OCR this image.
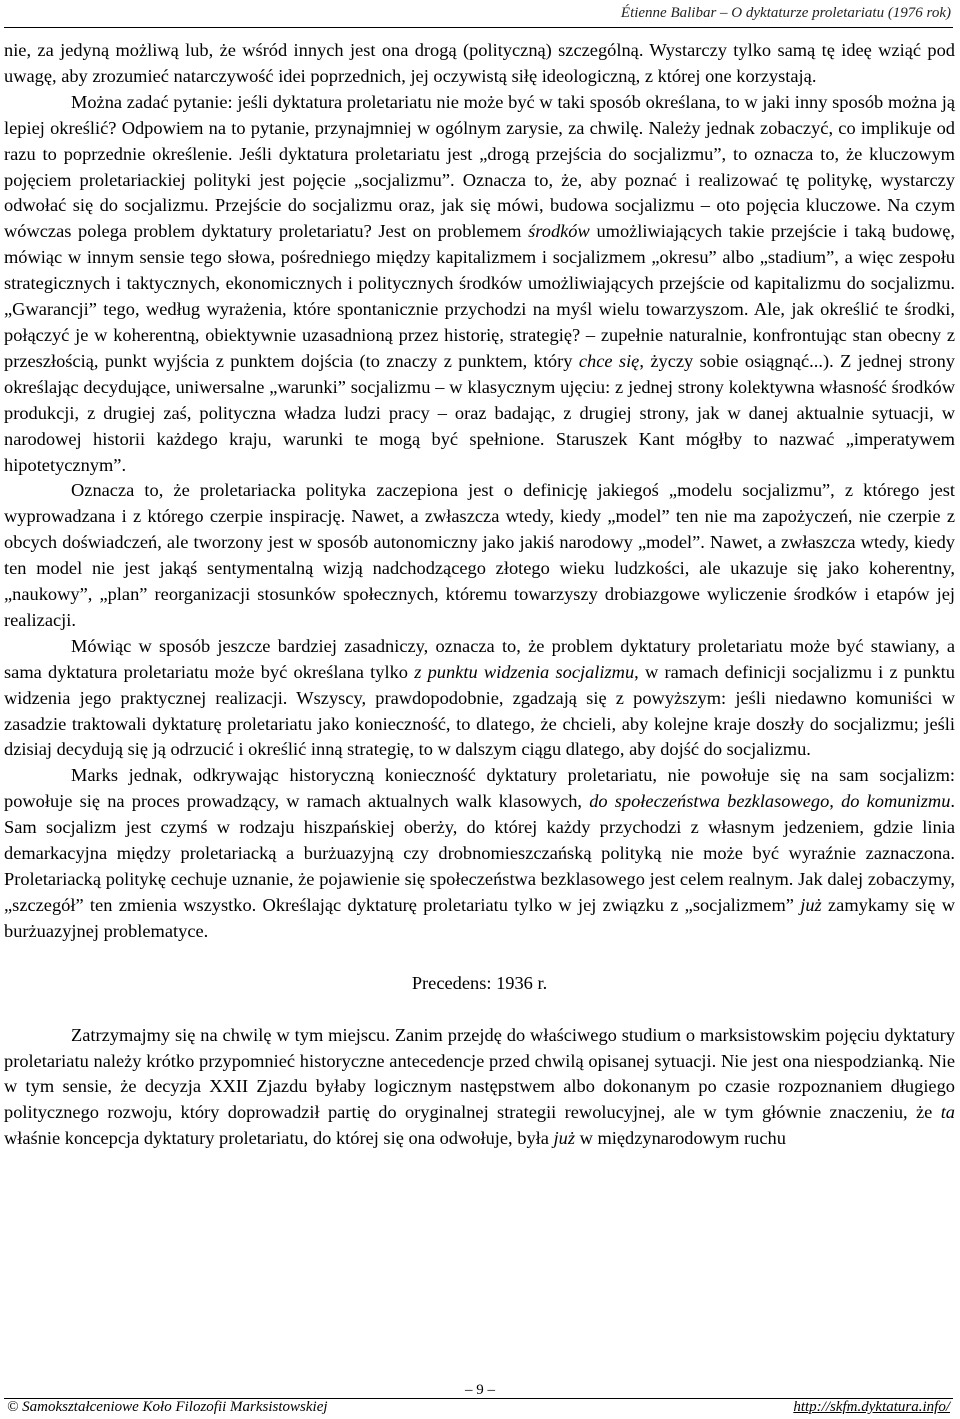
Étienne Balibar – O dyktaturze proletariatu (1976 rok)

nie, za jedyną możliwą lub, że wśród innych jest ona drogą (polityczną) szczególną. Wystarczy tylko samą tę ideę wziąć pod uwagę, aby zrozumieć natarczywość idei poprzednich, jej oczywistą siłę ideologiczną, z której one korzystają.

Można zadać pytanie: jeśli dyktatura proletariatu nie może być w taki sposób określana, to w jaki inny sposób można ją lepiej określić? Odpowiem na to pytanie, przynajmniej w ogólnym zarysie, za chwilę. Należy jednak zobaczyć, co implikuje od razu to poprzednie określenie. Jeśli dyktatura proletariatu jest „drogą przejścia do socjalizmu”, to oznacza to, że kluczowym pojęciem proletariackiej polityki jest pojęcie „socjalizmu”. Oznacza to, że, aby poznać i realizować tę politykę, wystarczy odwołać się do socjalizmu. Przejście do socjalizmu oraz, jak się mówi, budowa socjalizmu – oto pojęcia kluczowe. Na czym wówczas polega problem dyktatury proletariatu? Jest on problemem środków umożliwiających takie przejście i taką budowę, mówiąc w innym sensie tego słowa, pośredniego między kapitalizmem i socjalizmem „okresu” albo „stadium”, a więc zespołu strategicznych i taktycznych, ekonomicznych i politycznych środków umożliwiających przejście od kapitalizmu do socjalizmu. „Gwarancji” tego, według wyrażenia, które spontanicznie przychodzi na myśl wielu towarzyszom. Ale, jak określić te środki, połączyć je w koherentną, obiektywnie uzasadnioną przez historię, strategię? – zupełnie naturalnie, konfrontując stan obecny z przeszłością, punkt wyjścia z punktem dojścia (to znaczy z punktem, który chce się, życzy sobie osiągnąć...). Z jednej strony określając decydujące, uniwersalne „warunki” socjalizmu – w klasycznym ujęciu: z jednej strony kolektywna własność środków produkcji, z drugiej zaś, polityczna władza ludzi pracy – oraz badając, z drugiej strony, jak w danej aktualnie sytuacji, w narodowej historii każdego kraju, warunki te mogą być spełnione. Staruszek Kant mógłby to nazwać „imperatywem hipotetycznym”.

Oznacza to, że proletariacka polityka zaczepiona jest o definicję jakiegoś „modelu socjalizmu”, z którego jest wyprowadzana i z którego czerpie inspirację. Nawet, a zwłaszcza wtedy, kiedy „model” ten nie ma zapożyczeń, nie czerpie z obcych doświadczeń, ale tworzony jest w sposób autonomiczny jako jakiś narodowy „model”. Nawet, a zwłaszcza wtedy, kiedy ten model nie jest jakąś sentymentalną wizją nadchodzącego złotego wieku ludzkości, ale ukazuje się jako koherentny, „naukowy”, „plan” reorganizacji stosunków społecznych, któremu towarzyszy drobiazgowe wyliczenie środków i etapów jej realizacji.

Mówiąc w sposób jeszcze bardziej zasadniczy, oznacza to, że problem dyktatury proletariatu może być stawiany, a sama dyktatura proletariatu może być określana tylko z punktu widzenia socjalizmu, w ramach definicji socjalizmu i z punktu widzenia jego praktycznej realizacji. Wszyscy, prawdopodobnie, zgadzają się z powyższym: jeśli niedawno komuniści w zasadzie traktowali dyktaturę proletariatu jako konieczność, to dlatego, że chcieli, aby kolejne kraje doszły do socjalizmu; jeśli dzisiaj decydują się ją odrzucić i określić inną strategię, to w dalszym ciągu dlatego, aby dojść do socjalizmu.

Marks jednak, odkrywając historyczną konieczność dyktatury proletariatu, nie powołuje się na sam socjalizm: powołuje się na proces prowadzący, w ramach aktualnych walk klasowych, do społeczeństwa bezklasowego, do komunizmu. Sam socjalizm jest czymś w rodzaju hiszpańskiej oberży, do której każdy przychodzi z własnym jedzeniem, gdzie linia demarkacyjna między proletariacką a burżuazyjną czy drobnomieszczańską polityką nie może być wyraźnie zaznaczona. Proletariacką politykę cechuje uznanie, że pojawienie się społeczeństwa bezklasowego jest celem realnym. Jak dalej zobaczymy, „szczegół” ten zmienia wszystko. Określając dyktaturę proletariatu tylko w jej związku z „socjalizmem” już zamykamy się w burżuazyjnej problematyce.

Precedens: 1936 r.

Zatrzymajmy się na chwilę w tym miejscu. Zanim przejdę do właściwego studium o marksistowskim pojęciu dyktatury proletariatu należy krótko przypomnieć historyczne antecedencje przed chwilą opisanej sytuacji. Nie jest ona niespodzianką. Nie w tym sensie, że decyzja XXII Zjazdu byłaby logicznym następstwem albo dokonanym po czasie rozpoznaniem długiego politycznego rozwoju, który doprowadził partię do oryginalnej strategii rewolucyjnej, ale w tym głównie znaczeniu, że ta właśnie koncepcja dyktatury proletariatu, do której się ona odwołuje, była już w międzynarodowym ruchu

– 9 –
© Samokształceniowe Koło Filozofii Marksistowskiej	http://skfm.dyktatura.info/
